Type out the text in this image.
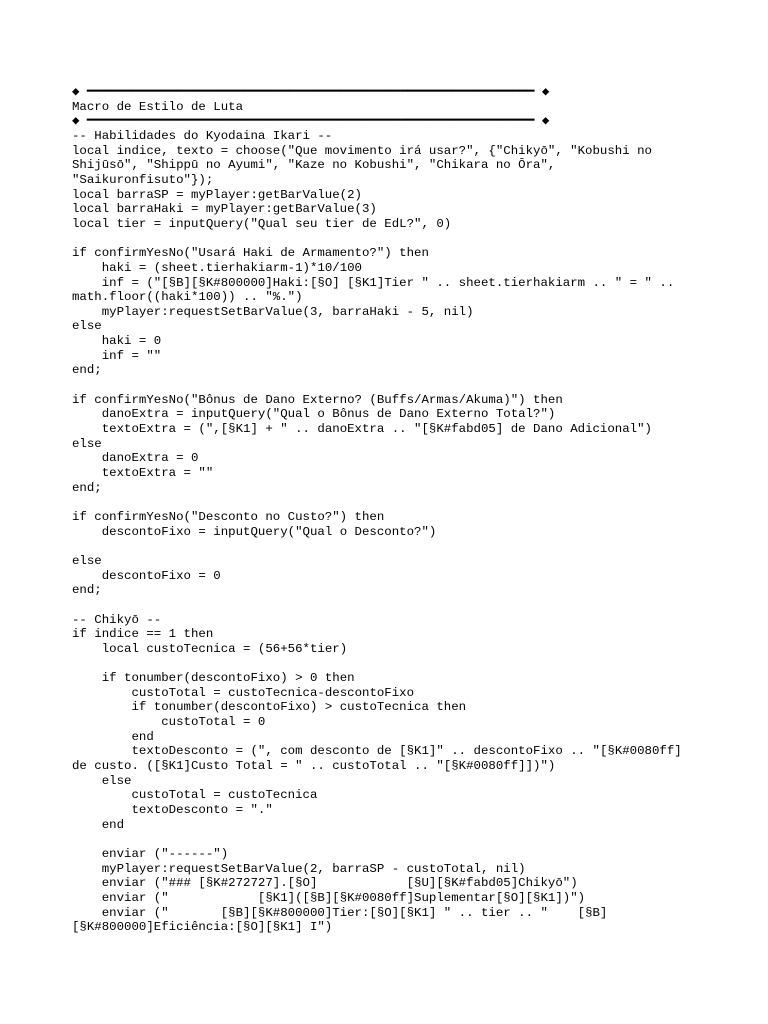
◆ ━━━━━━━━━━━━━━━━━━━━━━━━━━━━━━━━━━━━━━━━━━━━━━━━━━━━━━━━━━━━ ◆
Macro de Estilo de Luta
◆ ━━━━━━━━━━━━━━━━━━━━━━━━━━━━━━━━━━━━━━━━━━━━━━━━━━━━━━━━━━━━ ◆
-- Habilidades do Kyodaina Ikari --
local indice, texto = choose("Que movimento irá usar?", {"Chikyō", "Kobushi no Shijūsō", "Shippū no Ayumi", "Kaze no Kobushi", "Chikara no Ōra", "Saikuronfisuto"});
local barraSP = myPlayer:getBarValue(2)
local barraHaki = myPlayer:getBarValue(3)
local tier = inputQuery("Qual seu tier de EdL?", 0)
if confirmYesNo("Usará Haki de Armamento?") then
haki = (sheet.tierhakiarm-1)*10/100
inf = ("[§B][§K#800000]Haki:[§O] [§K1]Tier " .. sheet.tierhakiarm .. " = " .. math.floor((haki*100)) .. "%.")
myPlayer:requestSetBarValue(3, barraHaki - 5, nil)
else
haki = 0
inf = ""
end;
if confirmYesNo("Bônus de Dano Externo? (Buffs/Armas/Akuma)") then
danoExtra = inputQuery("Qual o Bônus de Dano Externo Total?")
textoExtra = (",[§K1] + " .. danoExtra .. "[§K#fabd05] de Dano Adicional")
else
danoExtra = 0
textoExtra = ""
end;
if confirmYesNo("Desconto no Custo?") then
descontoFixo = inputQuery("Qual o Desconto?")
else
descontoFixo = 0
end;
-- Chikyō --
if indice == 1 then
local custoTecnica = (56+56*tier)
if tonumber(descontoFixo) > 0 then
custoTotal = custoTecnica-descontoFixo
if tonumber(descontoFixo) > custoTecnica then
custoTotal = 0
end
textoDesconto = (", com desconto de [§K1]" .. descontoFixo .. "[§K#0080ff] de custo. ([§K1]Custo Total = " .. custoTotal .. "[§K#0080ff]])")
else
custoTotal = custoTecnica
textoDesconto = "."
end
enviar ("------")
myPlayer:requestSetBarValue(2, barraSP - custoTotal, nil)
enviar ("### [§K#272727].[§O]            [§U][§K#fabd05]Chikyō")
enviar ("            [§K1]([§B][§K#0080ff]Suplementar[§O][§K1])")
enviar ("       [§B][§K#800000]Tier:[§O][§K1] " .. tier .. "    [§B][§K#800000]Eficiência:[§O][§K1] I")
